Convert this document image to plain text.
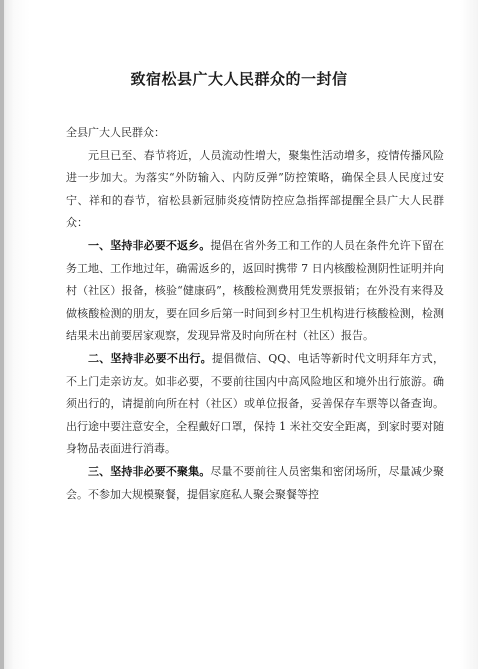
致宿松县广大人民群众的一封信

全县广大人民群众：

元旦已至、春节将近，人员流动性增大，聚集性活动增多，疫情传播风险进一步加大。为落实“外防输入、内防反弹”防控策略，确保全县人民度过安宁、祥和的春节，宿松县新冠肺炎疫情防控应急指挥部提醒全县广大人民群众：

一、坚持非必要不返乡。提倡在省外务工和工作的人员在条件允许下留在务工地、工作地过年，确需返乡的，返回时携带 7 日内核酸检测阴性证明并向村（社区）报备，核验“健康码”，核酸检测费用凭发票报销；在外没有来得及做核酸检测的朋友，要在回乡后第一时间到乡村卫生机构进行核酸检测，检测结果未出前要居家观察，发现异常及时向所在村（社区）报告。

二、坚持非必要不出行。提倡微信、QQ、电话等新时代文明拜年方式，不上门走亲访友。如非必要，不要前往国内中高风险地区和境外出行旅游。确须出行的，请提前向所在村（社区）或单位报备，妥善保存车票等以备查询。出行途中要注意安全，全程戴好口罩，保持 1 米社交安全距离，到家时要对随身物品表面进行消毒。

三、坚持非必要不聚集。尽量不要前往人员密集和密闭场所，尽量减少聚会。不参加大规模聚餐，提倡家庭私人聚会聚餐等控
